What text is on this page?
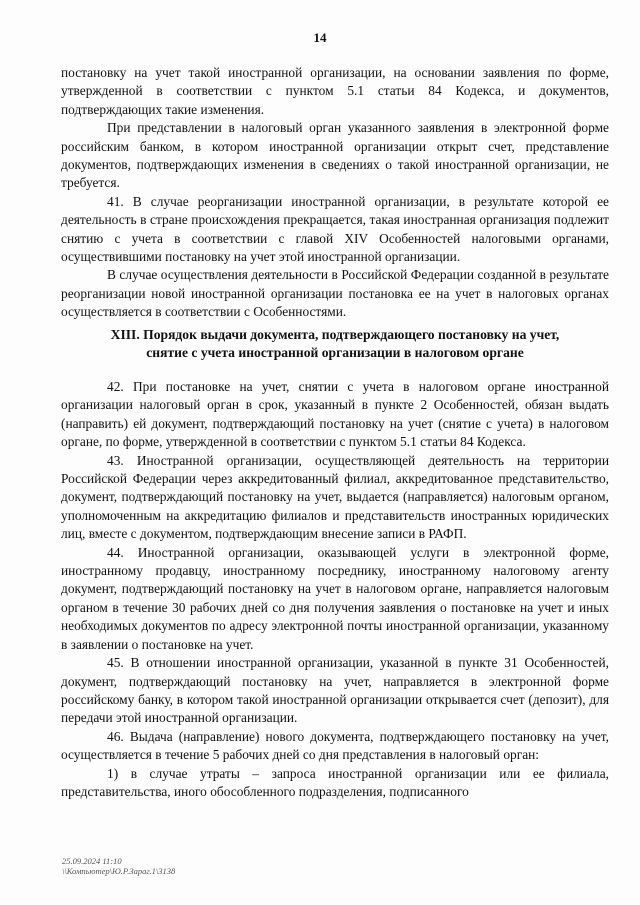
14

постановку на учет такой иностранной организации, на основании заявления по форме, утвержденной в соответствии с пунктом 5.1 статьи 84 Кодекса, и документов, подтверждающих такие изменения.

При представлении в налоговый орган указанного заявления в электронной форме российским банком, в котором иностранной организации открыт счет, представление документов, подтверждающих изменения в сведениях о такой иностранной организации, не требуется.

41. В случае реорганизации иностранной организации, в результате которой ее деятельность в стране происхождения прекращается, такая иностранная организация подлежит снятию с учета в соответствии с главой XIV Особенностей налоговыми органами, осуществившими постановку на учет этой иностранной организации.

В случае осуществления деятельности в Российской Федерации созданной в результате реорганизации новой иностранной организации постановка ее на учет в налоговых органах осуществляется в соответствии с Особенностями.

XIII. Порядок выдачи документа, подтверждающего постановку на учет,
снятие с учета иностранной организации в налоговом органе

42. При постановке на учет, снятии с учета в налоговом органе иностранной организации налоговый орган в срок, указанный в пункте 2 Особенностей, обязан выдать (направить) ей документ, подтверждающий постановку на учет (снятие с учета) в налоговом органе, по форме, утвержденной в соответствии с пунктом 5.1 статьи 84 Кодекса.

43. Иностранной организации, осуществляющей деятельность на территории Российской Федерации через аккредитованный филиал, аккредитованное представительство, документ, подтверждающий постановку на учет, выдается (направляется) налоговым органом, уполномоченным на аккредитацию филиалов и представительств иностранных юридических лиц, вместе с документом, подтверждающим внесение записи в РАФП.

44. Иностранной организации, оказывающей услуги в электронной форме, иностранному продавцу, иностранному посреднику, иностранному налоговому агенту документ, подтверждающий постановку на учет в налоговом органе, направляется налоговым органом в течение 30 рабочих дней со дня получения заявления о постановке на учет и иных необходимых документов по адресу электронной почты иностранной организации, указанному в заявлении о постановке на учет.

45. В отношении иностранной организации, указанной в пункте 31 Особенностей, документ, подтверждающий постановку на учет, направляется в электронной форме российскому банку, в котором такой иностранной организации открывается счет (депозит), для передачи этой иностранной организации.

46. Выдача (направление) нового документа, подтверждающего постановку на учет, осуществляется в течение 5 рабочих дней со дня представления в налоговый орган:

1) в случае утраты – запроса иностранной организации или ее филиала, представительства, иного обособленного подразделения, подписанного

25.09.2024 11:10
\\Компьютер\Ю.Р.Зараг.1\3138
